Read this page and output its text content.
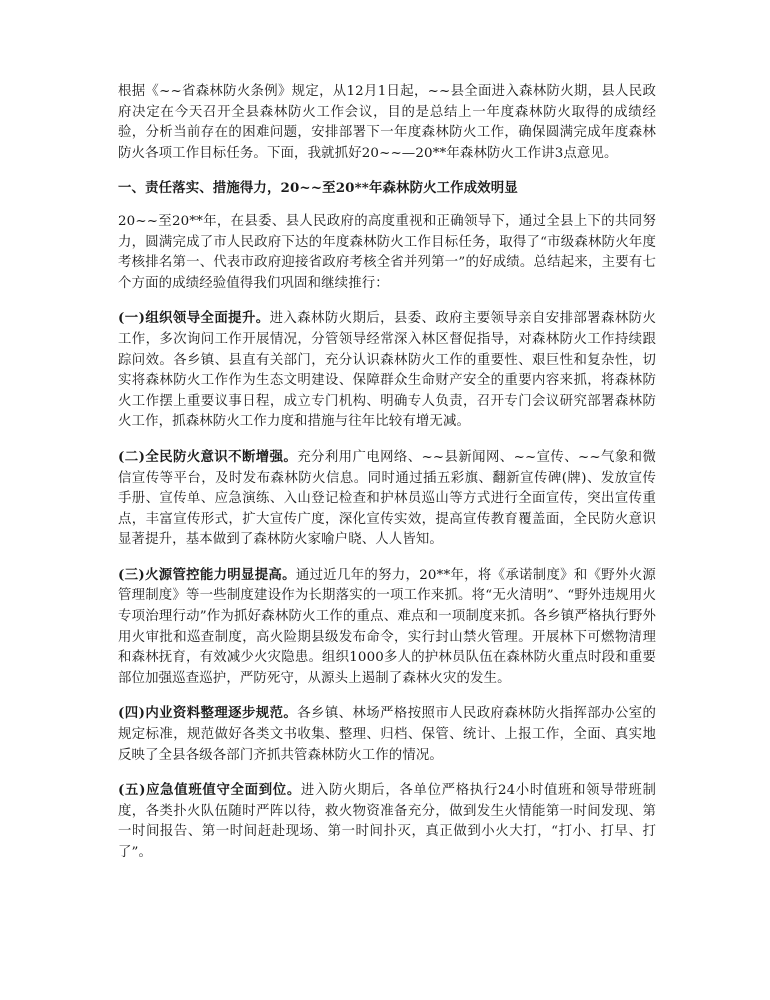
根据《~~省森林防火条例》规定，从12月1日起，~~县全面进入森林防火期，县人民政府决定在今天召开全县森林防火工作会议，目的是总结上一年度森林防火取得的成绩经验，分析当前存在的困难问题，安排部署下一年度森林防火工作，确保圆满完成年度森林防火各项工作目标任务。下面，我就抓好20~~—20**年森林防火工作讲3点意见。

一、责任落实、措施得力，20~~至20**年森林防火工作成效明显

20~~至20**年，在县委、县人民政府的高度重视和正确领导下，通过全县上下的共同努力，圆满完成了市人民政府下达的年度森林防火工作目标任务，取得了“市级森林防火年度考核排名第一、代表市政府迎接省政府考核全省并列第一”的好成绩。总结起来，主要有七个方面的成绩经验值得我们巩固和继续推行：

(一)组织领导全面提升。进入森林防火期后，县委、政府主要领导亲自安排部署森林防火工作，多次询问工作开展情况，分管领导经常深入林区督促指导，对森林防火工作持续跟踪问效。各乡镇、县直有关部门，充分认识森林防火工作的重要性、艰巨性和复杂性，切实将森林防火工作作为生态文明建设、保障群众生命财产安全的重要内容来抓，将森林防火工作摆上重要议事日程，成立专门机构、明确专人负责，召开专门会议研究部署森林防火工作，抓森林防火工作力度和措施与往年比较有增无减。

(二)全民防火意识不断增强。充分利用广电网络、~~县新闻网、~~宣传、~~气象和微信宣传等平台，及时发布森林防火信息。同时通过插五彩旗、翻新宣传碑(牌)、发放宣传手册、宣传单、应急演练、入山登记检查和护林员巡山等方式进行全面宣传，突出宣传重点，丰富宣传形式，扩大宣传广度，深化宣传实效，提高宣传教育覆盖面，全民防火意识显著提升，基本做到了森林防火家喻户晓、人人皆知。

(三)火源管控能力明显提高。通过近几年的努力，20**年，将《承诺制度》和《野外火源管理制度》等一些制度建设作为长期落实的一项工作来抓。将“无火清明”、“野外违规用火专项治理行动”作为抓好森林防火工作的重点、难点和一项制度来抓。各乡镇严格执行野外用火审批和巡查制度，高火险期县级发布命令，实行封山禁火管理。开展林下可燃物清理和森林抚育，有效减少火灾隐患。组织1000多人的护林员队伍在森林防火重点时段和重要部位加强巡查巡护，严防死守，从源头上遏制了森林火灾的发生。

(四)内业资料整理逐步规范。各乡镇、林场严格按照市人民政府森林防火指挥部办公室的规定标准，规范做好各类文书收集、整理、归档、保管、统计、上报工作，全面、真实地反映了全县各级各部门齐抓共管森林防火工作的情况。

(五)应急值班值守全面到位。进入防火期后，各单位严格执行24小时值班和领导带班制度，各类扑火队伍随时严阵以待，救火物资准备充分，做到发生火情能第一时间发现、第一时间报告、第一时间赶赴现场、第一时间扑灭，真正做到小火大打，“打小、打早、打了”。
